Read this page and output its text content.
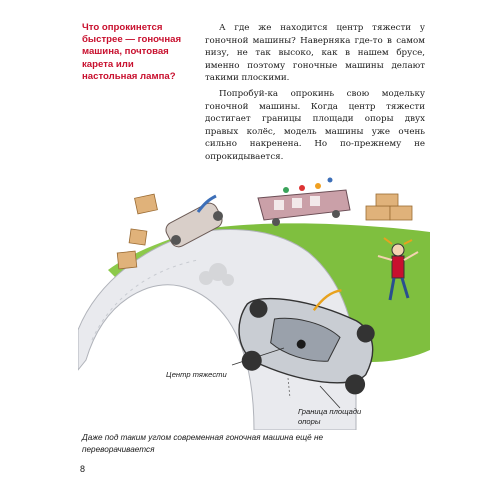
Что опрокинется быстрее — гоночная машина, почтовая карета или настольная лампа?

А где же находится центр тяжести у гоночной машины? Наверняка где-то в самом низу, не так высоко, как в нашем брусе, именно поэтому гоночные машины делают такими плоскими.

Попробуй-ка опрокинь свою модельку гоночной машины. Когда центр тяжести достигает границы площади опоры двух правых колёс, модель машины уже очень сильно накренена. Но по-прежнему не опрокидывается.

Центр тяжести
Граница площади опоры
Даже под таким углом современная гоночная машина ещё не переворачивается
8
